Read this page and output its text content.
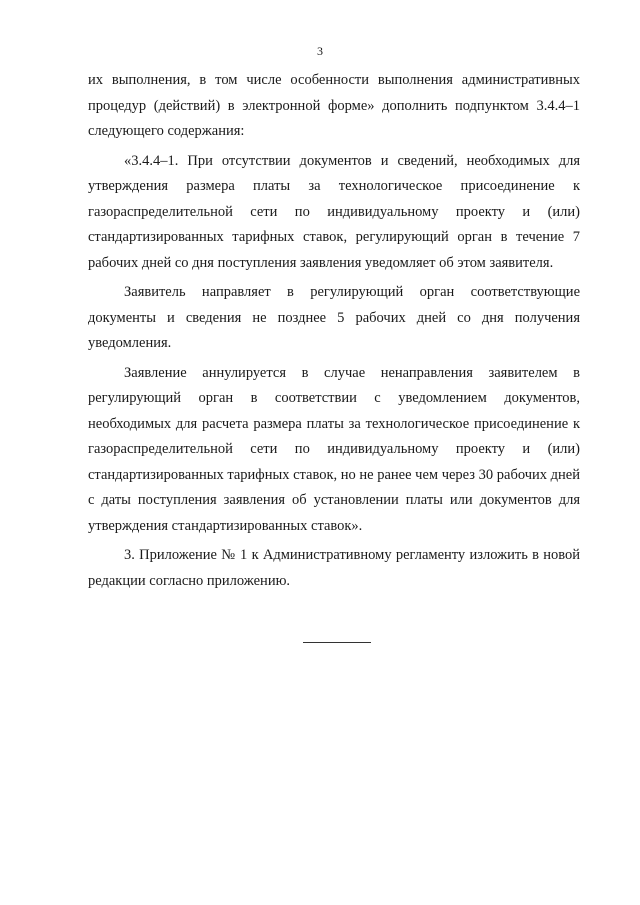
3

их выполнения, в том числе особенности выполнения административных процедур (действий) в электронной форме» дополнить подпунктом 3.4.4–1 следующего содержания:

«3.4.4–1. При отсутствии документов и сведений, необходимых для утверждения размера платы за технологическое присоединение к газораспределительной сети по индивидуальному проекту и (или) стандартизированных тарифных ставок, регулирующий орган в течение 7 рабочих дней со дня поступления заявления уведомляет об этом заявителя.

Заявитель направляет в регулирующий орган соответствующие документы и сведения не позднее 5 рабочих дней со дня получения уведомления.

Заявление аннулируется в случае ненаправления заявителем в регулирующий орган в соответствии с уведомлением документов, необходимых для расчета размера платы за технологическое присоединение к газораспределительной сети по индивидуальному проекту и (или) стандартизированных тарифных ставок, но не ранее чем через 30 рабочих дней с даты поступления заявления об установлении платы или документов для утверждения стандартизированных ставок».

3. Приложение № 1 к Административному регламенту изложить в новой редакции согласно приложению.
